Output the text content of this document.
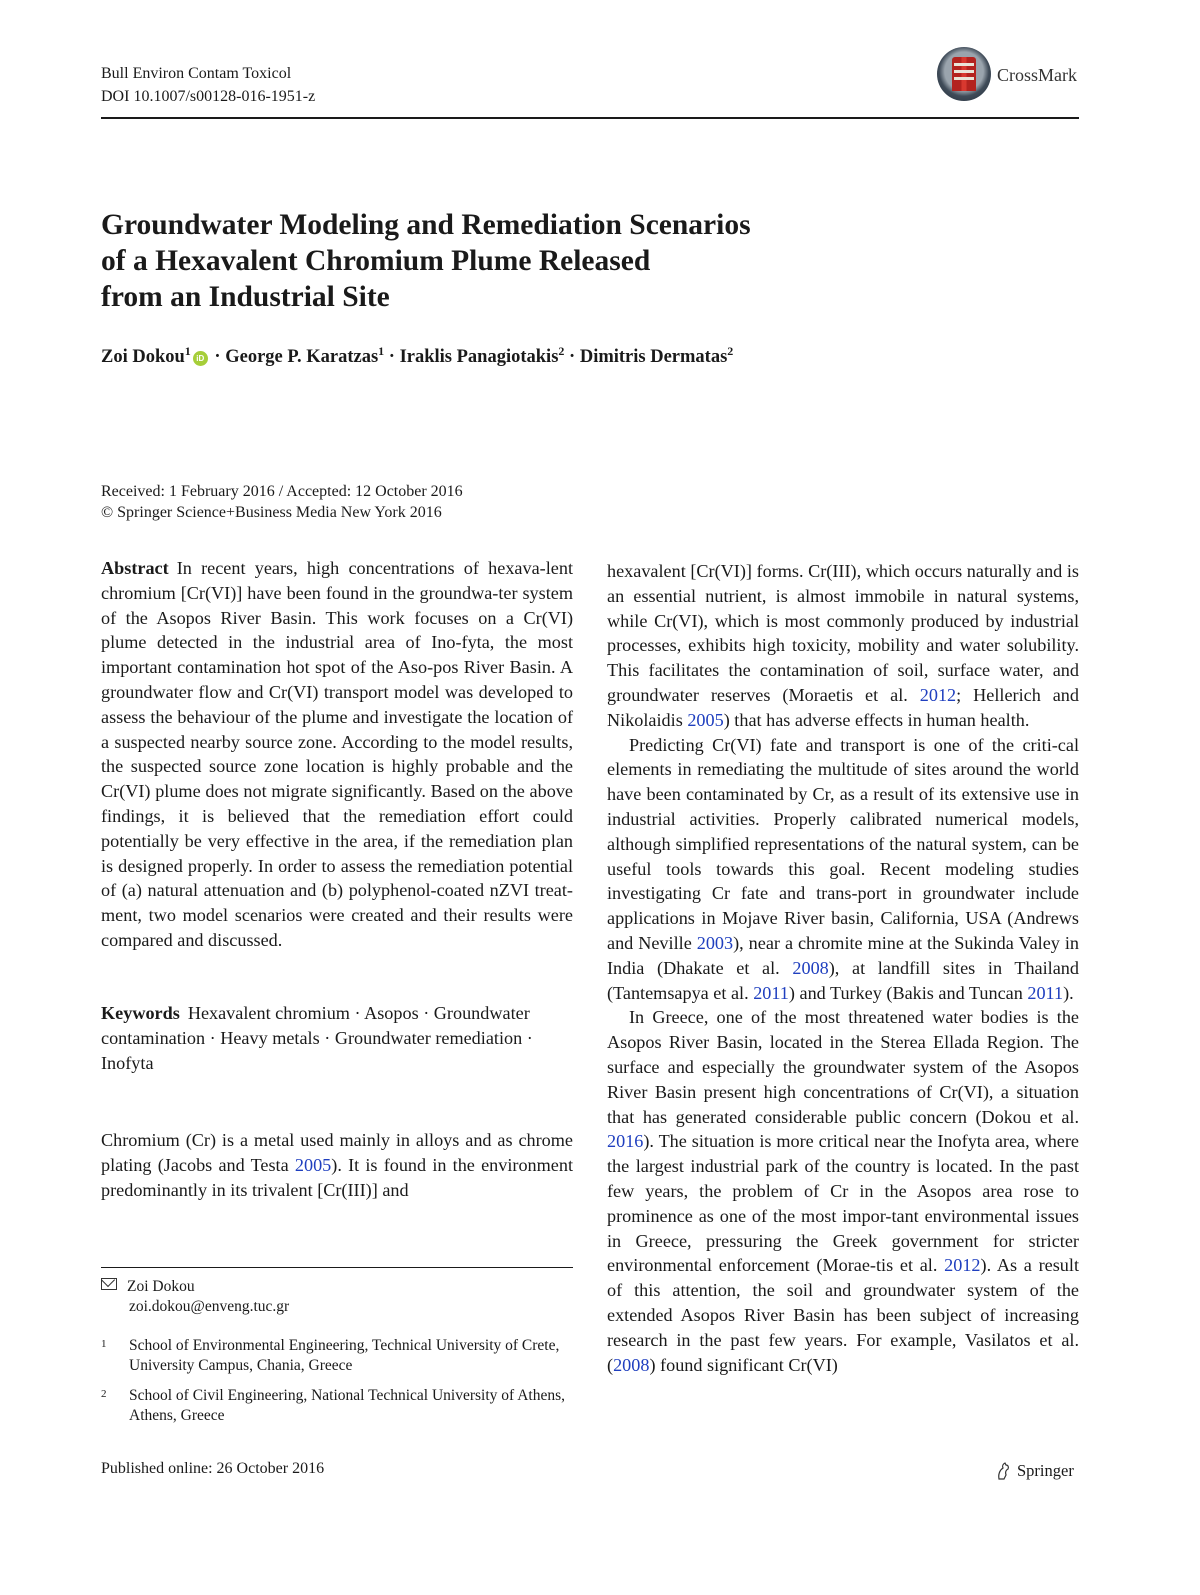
Bull Environ Contam Toxicol
DOI 10.1007/s00128-016-1951-z
CrossMark
Groundwater Modeling and Remediation Scenarios
of a Hexavalent Chromium Plume Released
from an Industrial Site
Zoi Dokou$^1$iD · George P. Karatzas$^1$ · Iraklis Panagiotakis$^2$ · Dimitris Dermatas$^2$
Received: 1 February 2016 / Accepted: 12 October 2016
© Springer Science+Business Media New York 2016

Abstract In recent years, high concentrations of hexava-lent chromium [Cr(VI)] have been found in the groundwa-ter system of the Asopos River Basin. This work focuses on a Cr(VI) plume detected in the industrial area of Ino-fyta, the most important contamination hot spot of the Aso-pos River Basin. A groundwater flow and Cr(VI) transport model was developed to assess the behaviour of the plume and investigate the location of a suspected nearby source zone. According to the model results, the suspected source zone location is highly probable and the Cr(VI) plume does not migrate significantly. Based on the above findings, it is believed that the remediation effort could potentially be very effective in the area, if the remediation plan is designed properly. In order to assess the remediation potential of (a) natural attenuation and (b) polyphenol-coated nZVI treat-ment, two model scenarios were created and their results were compared and discussed.

Keywords Hexavalent chromium · Asopos · Groundwater contamination · Heavy metals · Groundwater remediation · Inofyta

Chromium (Cr) is a metal used mainly in alloys and as chrome plating (Jacobs and Testa 2005). It is found in the environment predominantly in its trivalent [Cr(III)] and

hexavalent [Cr(VI)] forms. Cr(III), which occurs naturally and is an essential nutrient, is almost immobile in natural systems, while Cr(VI), which is most commonly produced by industrial processes, exhibits high toxicity, mobility and water solubility. This facilitates the contamination of soil, surface water, and groundwater reserves (Moraetis et al. 2012; Hellerich and Nikolaidis 2005) that has adverse effects in human health.

Predicting Cr(VI) fate and transport is one of the criti-cal elements in remediating the multitude of sites around the world have been contaminated by Cr, as a result of its extensive use in industrial activities. Properly calibrated numerical models, although simplified representations of the natural system, can be useful tools towards this goal. Recent modeling studies investigating Cr fate and trans-port in groundwater include applications in Mojave River basin, California, USA (Andrews and Neville 2003), near a chromite mine at the Sukinda Valey in India (Dhakate et al. 2008), at landfill sites in Thailand (Tantemsapya et al. 2011) and Turkey (Bakis and Tuncan 2011).

In Greece, one of the most threatened water bodies is the Asopos River Basin, located in the Sterea Ellada Region. The surface and especially the groundwater system of the Asopos River Basin present high concentrations of Cr(VI), a situation that has generated considerable public concern (Dokou et al. 2016). The situation is more critical near the Inofyta area, where the largest industrial park of the country is located. In the past few years, the problem of Cr in the Asopos area rose to prominence as one of the most impor-tant environmental issues in Greece, pressuring the Greek government for stricter environmental enforcement (Morae-tis et al. 2012). As a result of this attention, the soil and groundwater system of the extended Asopos River Basin has been subject of increasing research in the past few years. For example, Vasilatos et al. (2008) found significant Cr(VI)

Zoi Dokou
zoi.dokou@enveng.tuc.gr
1 School of Environmental Engineering, Technical University of Crete, University Campus, Chania, Greece
2 School of Civil Engineering, National Technical University of Athens, Athens, Greece
Published online: 26 October 2016	Springer
